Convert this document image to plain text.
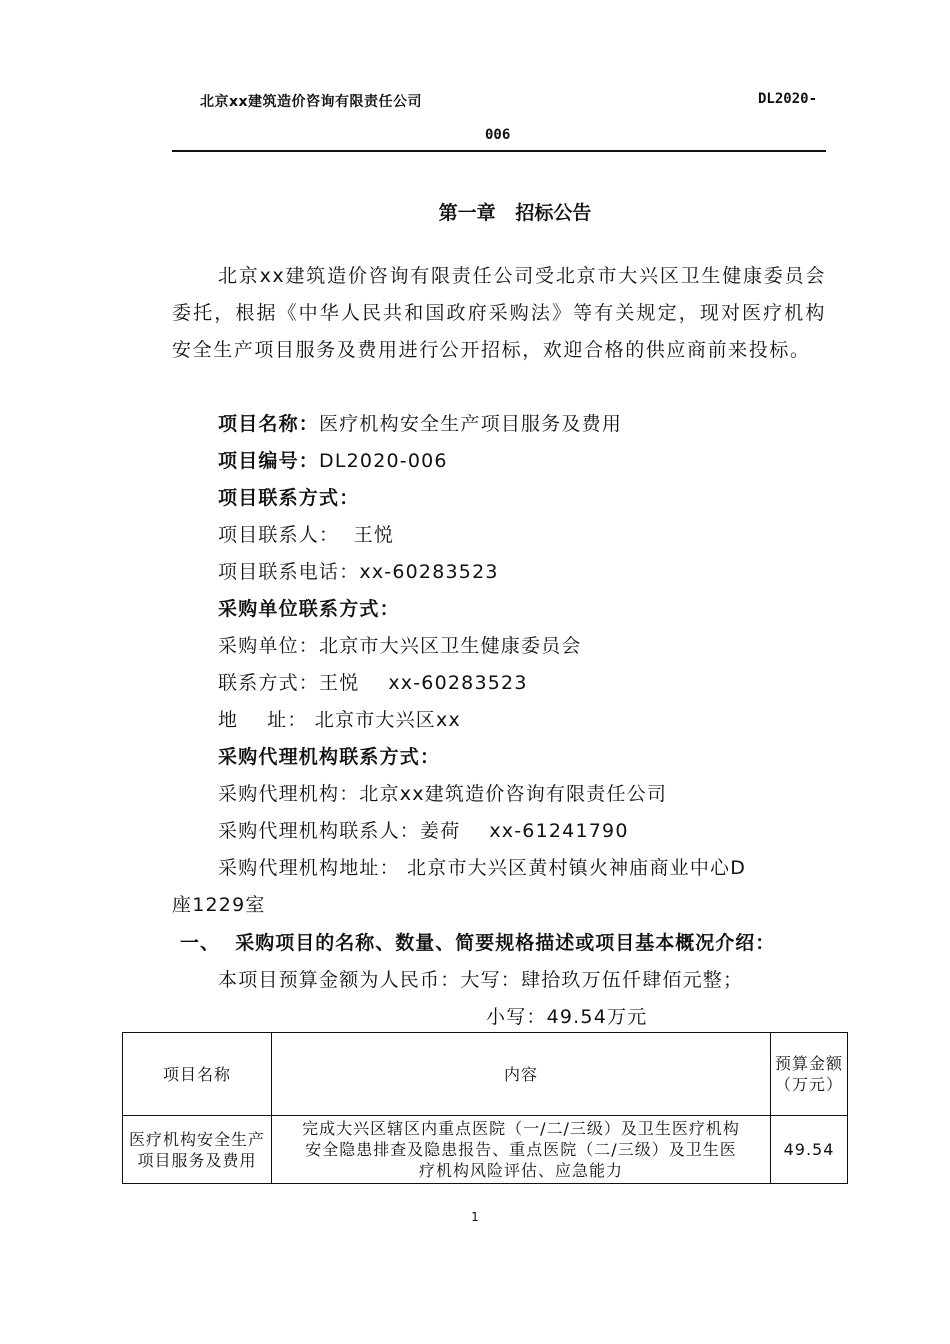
北京xx建筑造价咨询有限责任公司	DL2020-
006
第一章   招标公告

北京xx建筑造价咨询有限责任公司受北京市大兴区卫生健康委员会委托，根据《中华人民共和国政府采购法》等有关规定，现对医疗机构安全生产项目服务及费用进行公开招标，欢迎合格的供应商前来投标。

项目名称：医疗机构安全生产项目服务及费用
项目编号：DL2020-006
项目联系方式：
项目联系人：  王悦
项目联系电话：xx-60283523
采购单位联系方式：
采购单位：北京市大兴区卫生健康委员会
联系方式：王悦    xx-60283523
地    址： 北京市大兴区xx
采购代理机构联系方式：
采购代理机构：北京xx建筑造价咨询有限责任公司
采购代理机构联系人：姜荷    xx-61241790
采购代理机构地址： 北京市大兴区黄村镇火神庙商业中心D
座1229室
一、  采购项目的名称、数量、简要规格描述或项目基本概况介绍：
本项目预算金额为人民币：大写：肆拾玖万伍仟肆佰元整；
小写：49.54万元
项目名称	内容	预算金额（万元）
医疗机构安全生产项目服务及费用	完成大兴区辖区内重点医院（一/二/三级）及卫生医疗机构安全隐患排查及隐患报告、重点医院（二/三级）及卫生医疗机构风险评估、应急能力	49.54
1
